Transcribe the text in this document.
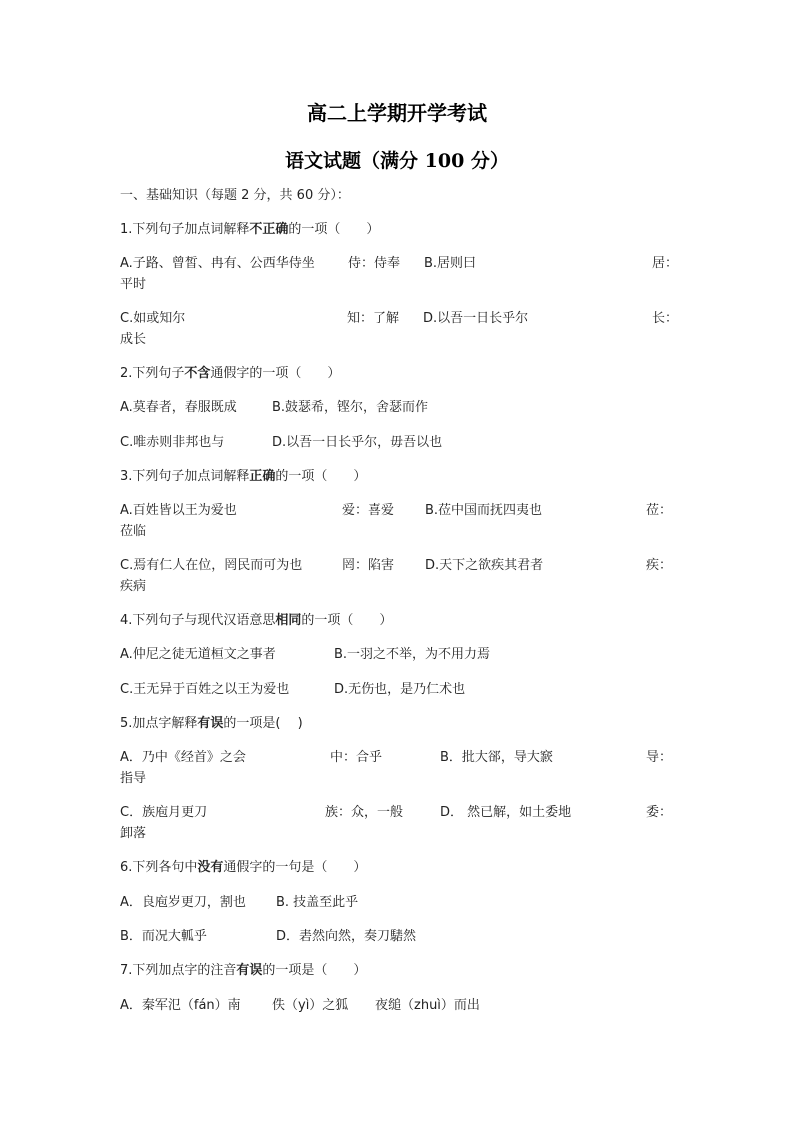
高二上学期开学考试
语文试题（满分 100 分）
一、基础知识（每题 2 分，共 60 分）：
1.下列句子加点词解释不正确的一项（　　）
A.子路、曾皙、冉有、公西华侍坐	侍：侍奉 B.居则曰	居：
平时
C.如或知尔	知：了解 D.以吾一日长乎尔	长：
成长
2.下列句子不含通假字的一项（　　）
A.莫春者，春服既成	B.鼓瑟希，铿尔，舍瑟而作
C.唯赤则非邦也与	D.以吾一日长乎尔，毋吾以也
3.下列句子加点词解释正确的一项（　　）
A.百姓皆以王为爱也	爱：喜爱 B.莅中国而抚四夷也	莅：
莅临
C.焉有仁人在位，罔民而可为也	罔：陷害 D.天下之欲疾其君者	疾：
疾病
4.下列句子与现代汉语意思相同的一项（　　）
A.仲尼之徒无道桓文之事者	B.一羽之不举，为不用力焉
C.王无异于百姓之以王为爱也	D.无伤也，是乃仁术也
5.加点字解释有误的一项是(　 )
A．乃中《经首》之会	中：合乎	B．批大郤，导大窾	导：
指导
C．族庖月更刀	族：众，一般	D． 然已解，如土委地	委：
卸落
6.下列各句中没有通假字的一句是（　　）
A．良庖岁更刀，割也 B. 技盖至此乎
B．而况大軱乎	D．砉然向然，奏刀騞然
7.下列加点字的注音有误的一项是（　　）
A．秦军氾（fán）南 佚（yì）之狐 夜缒（zhuì）而出
